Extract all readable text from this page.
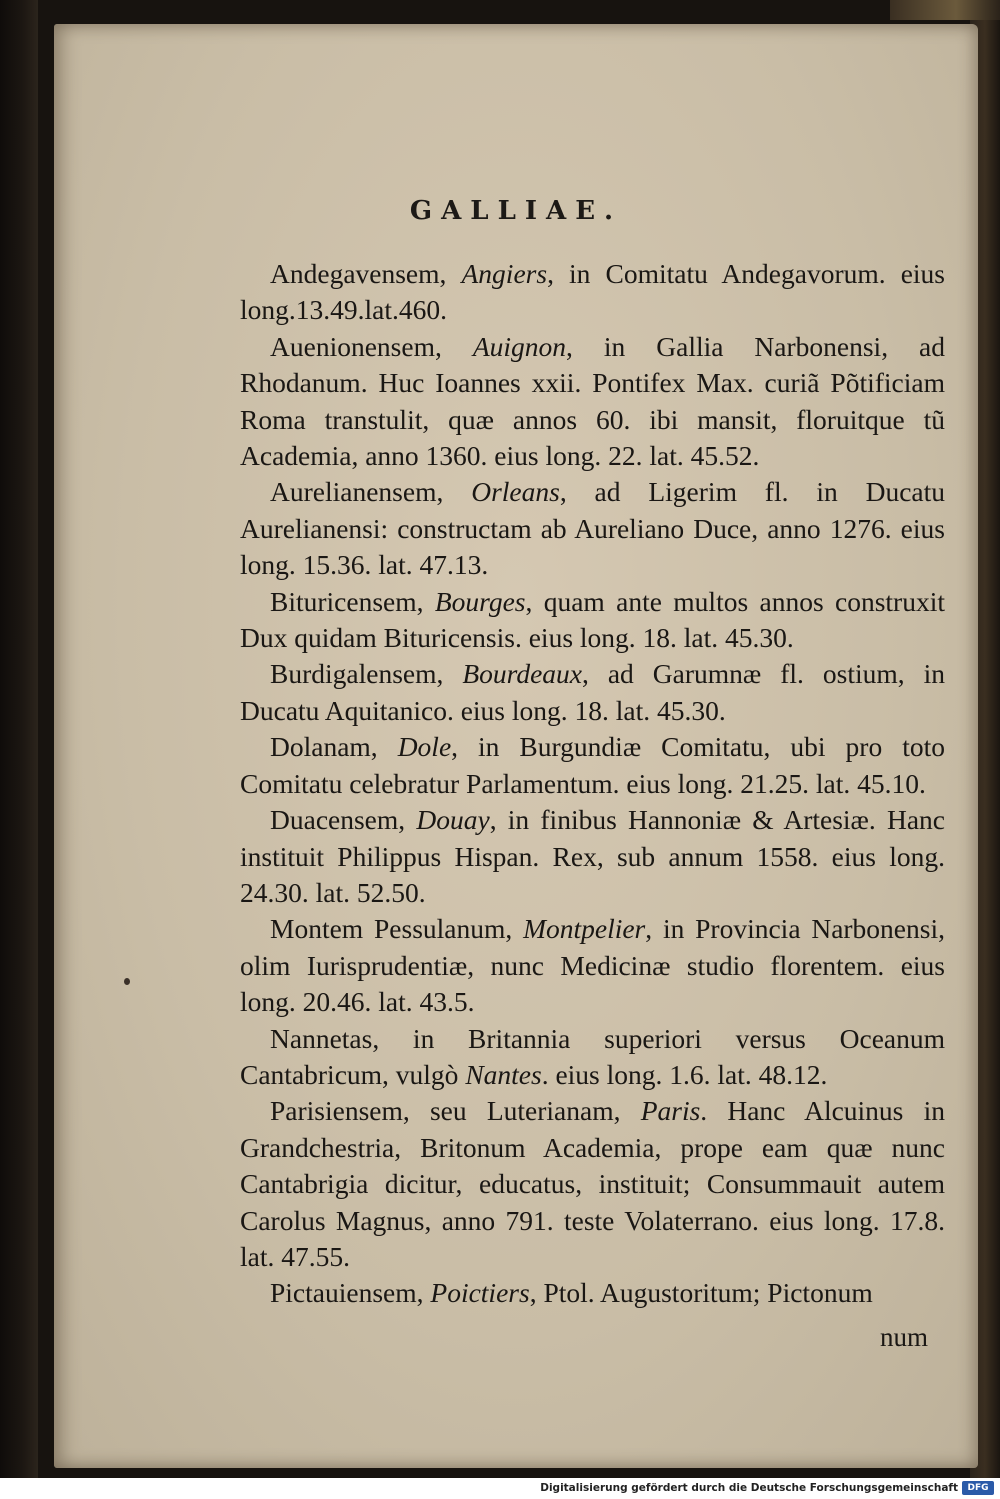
GALLIAE.

Andegavensem, Angiers, in Comitatu Andegavorum. eius long.13.49.lat.460.

Auenionensem, Auignon, in Gallia Narbonensi, ad Rhodanum. Huc Ioannes xxii. Pontifex Max. curiã Põtificiam Roma transtulit, quæ annos 60. ibi mansit, floruitque tũ Academia, anno 1360. eius long. 22. lat. 45.52.

Aurelianensem, Orleans, ad Ligerim fl. in Ducatu Aurelianensi: constructam ab Aureliano Duce, anno 1276. eius long. 15.36. lat. 47.13.

Bituricensem, Bourges, quam ante multos annos construxit Dux quidam Bituricensis. eius long. 18. lat. 45.30.

Burdigalensem, Bourdeaux, ad Garumnæ fl. ostium, in Ducatu Aquitanico. eius long. 18. lat. 45.30.

Dolanam, Dole, in Burgundiæ Comitatu, ubi pro toto Comitatu celebratur Parlamentum. eius long. 21.25. lat. 45.10.

Duacensem, Douay, in finibus Hannoniæ & Artesiæ. Hanc instituit Philippus Hispan. Rex, sub annum 1558. eius long. 24.30. lat. 52.50.

Montem Pessulanum, Montpelier, in Provincia Narbonensi, olim Iurisprudentiæ, nunc Medicinæ studio florentem. eius long. 20.46. lat. 43.5.

Nannetas, in Britannia superiori versus Oceanum Cantabricum, vulgò Nantes. eius long. 1.6. lat. 48.12.

Parisiensem, seu Luterianam, Paris. Hanc Alcuinus in Grandchestria, Britonum Academia, prope eam quæ nunc Cantabrigia dicitur, educatus, instituit; Consummauit autem Carolus Magnus, anno 791. teste Volaterrano. eius long. 17.8. lat. 47.55.

Pictauiensem, Poictiers, Ptol. Augustoritum; Pictonum

num
Digitalisierung gefördert durch die Deutsche Forschungsgemeinschaft	DFG
